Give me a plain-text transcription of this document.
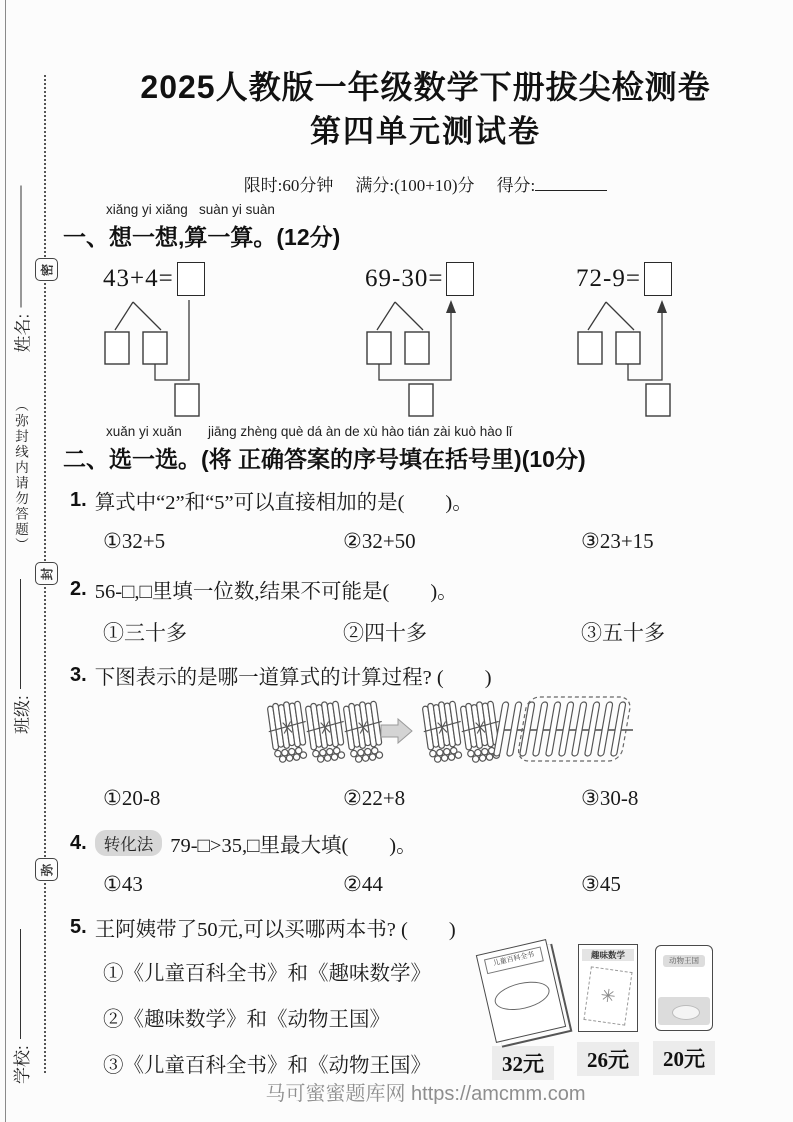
姓名:
班级:
学校:
（弥封线内请勿答题）
密
封
弥
2025人教版一年级数学下册拔尖检测卷
第四单元测试卷
限时:60分钟 满分:(100+10)分 得分:
xiǎng yi xiǎng   suàn yi suàn
一、想一想,算一算。(12分)
43+4=	69-30=	72-9=
xuǎn yi xuǎn       jiāng zhèng què dá àn de xù hào tián zài kuò hào lǐ
二、选一选。(将 正确答案的序号填在括号里)(10分)
1. 算式中“2”和“5”可以直接相加的是(　　)。
①32+5	②32+50	③23+15
2. 56-□,□里填一位数,结果不可能是(　　)。
①三十多	②四十多	③五十多
3. 下图表示的是哪一道算式的计算过程? (　　)
①20-8	②22+8	③30-8
4.	转化法 79-□>35,□里最大填(　　)。
①43	②44	③45
5. 王阿姨带了50元,可以买哪两本书? (　　)
①《儿童百科全书》和《趣味数学》
②《趣味数学》和《动物王国》
③《儿童百科全书》和《动物王国》
儿童百科全书
32元
趣味数学
✳
26元
动物王国
20元
马可蜜蜜题库网 https://amcmm.com
